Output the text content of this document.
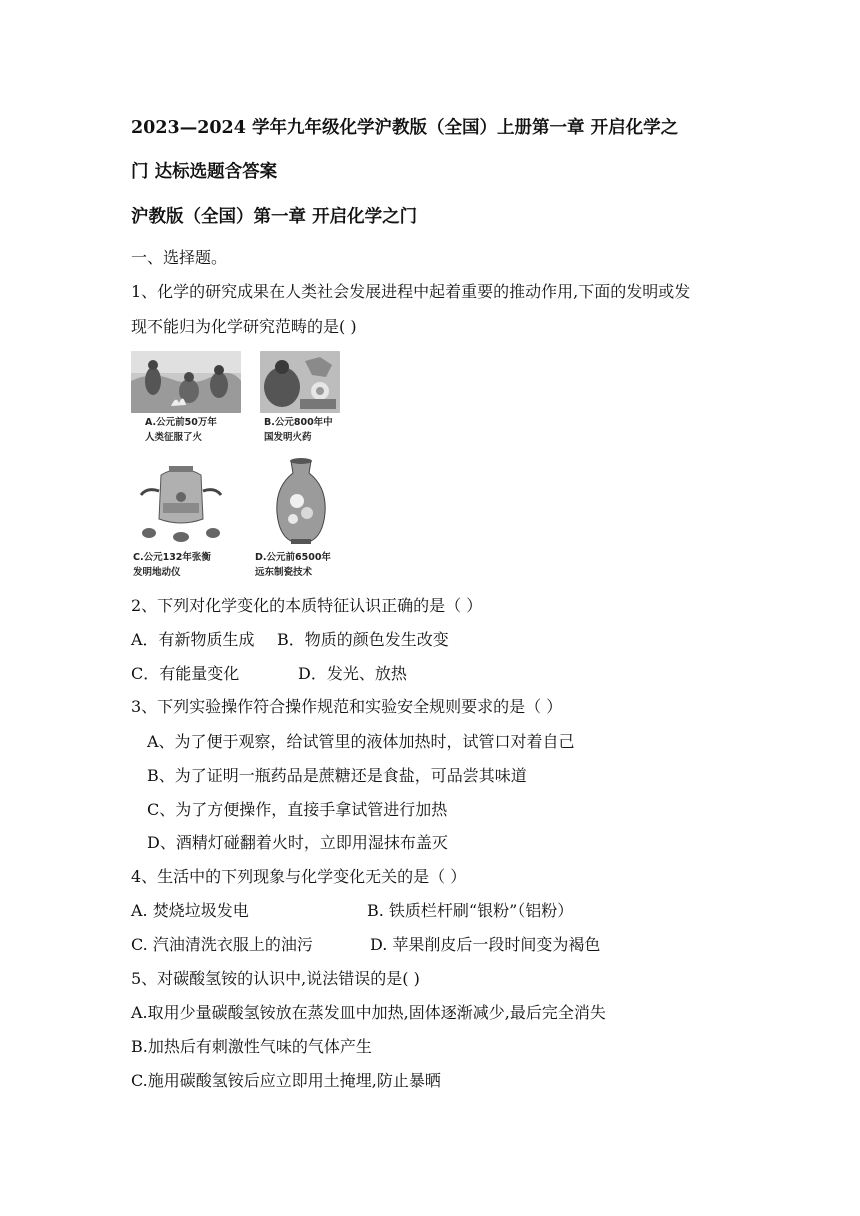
2023—2024 学年九年级化学沪教版（全国）上册第一章 开启化学之
门 达标选题含答案
沪教版（全国）第一章 开启化学之门
一、选择题。
1、化学的研究成果在人类社会发展进程中起着重要的推动作用,下面的发明或发
现不能归为化学研究范畴的是( )
A.公元前50万年
人类征服了火
B.公元800年中
国发明火药
C.公元132年张衡
发明地动仪
D.公元前6500年
远东制瓷技术
2、下列对化学变化的本质特征认识正确的是（ ）
A．有新物质生成 B．物质的颜色发生改变
C．有能量变化	D．发光、放热
3、下列实验操作符合操作规范和实验安全规则要求的是（ ）
A、为了便于观察，给试管里的液体加热时，试管口对着自己
B、为了证明一瓶药品是蔗糖还是食盐，可品尝其味道
C、为了方便操作，直接手拿试管进行加热
D、酒精灯碰翻着火时，立即用湿抹布盖灭
4、生活中的下列现象与化学变化无关的是（ ）
A. 焚烧垃圾发电	B. 铁质栏杆刷“银粉”（铝粉）
C. 汽油清洗衣服上的油污	D. 苹果削皮后一段时间变为褐色
5、对碳酸氢铵的认识中,说法错误的是( )
A.取用少量碳酸氢铵放在蒸发皿中加热,固体逐渐减少,最后完全消失
B.加热后有刺激性气味的气体产生
C.施用碳酸氢铵后应立即用土掩埋,防止暴晒
